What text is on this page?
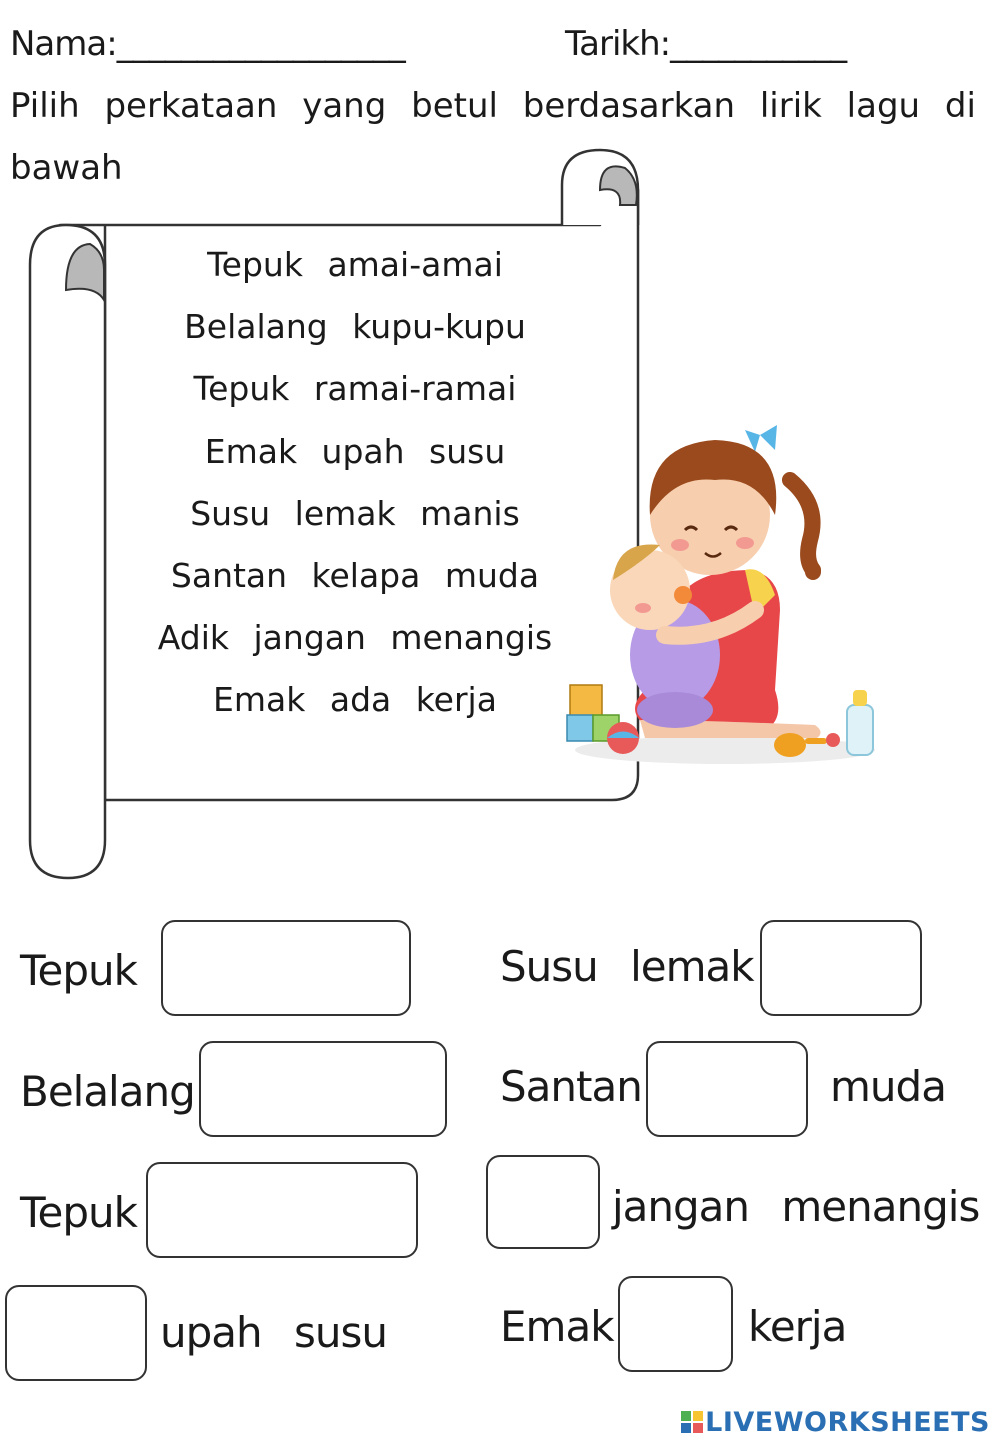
Nama:__________________	Tarikh:___________
Pilih perkataan yang betul berdasarkan lirik lagu di
bawah
Tepuk amai-amai
Belalang kupu-kupu
Tepuk ramai-ramai
Emak upah susu
Susu lemak manis
Santan kelapa muda
Adik jangan menangis
Emak ada kerja
Tepuk
Belalang
Tepuk
upah susu
Susu lemak
Santan	muda
jangan menangis
Emak	kerja
LIVEWORKSHEETS
